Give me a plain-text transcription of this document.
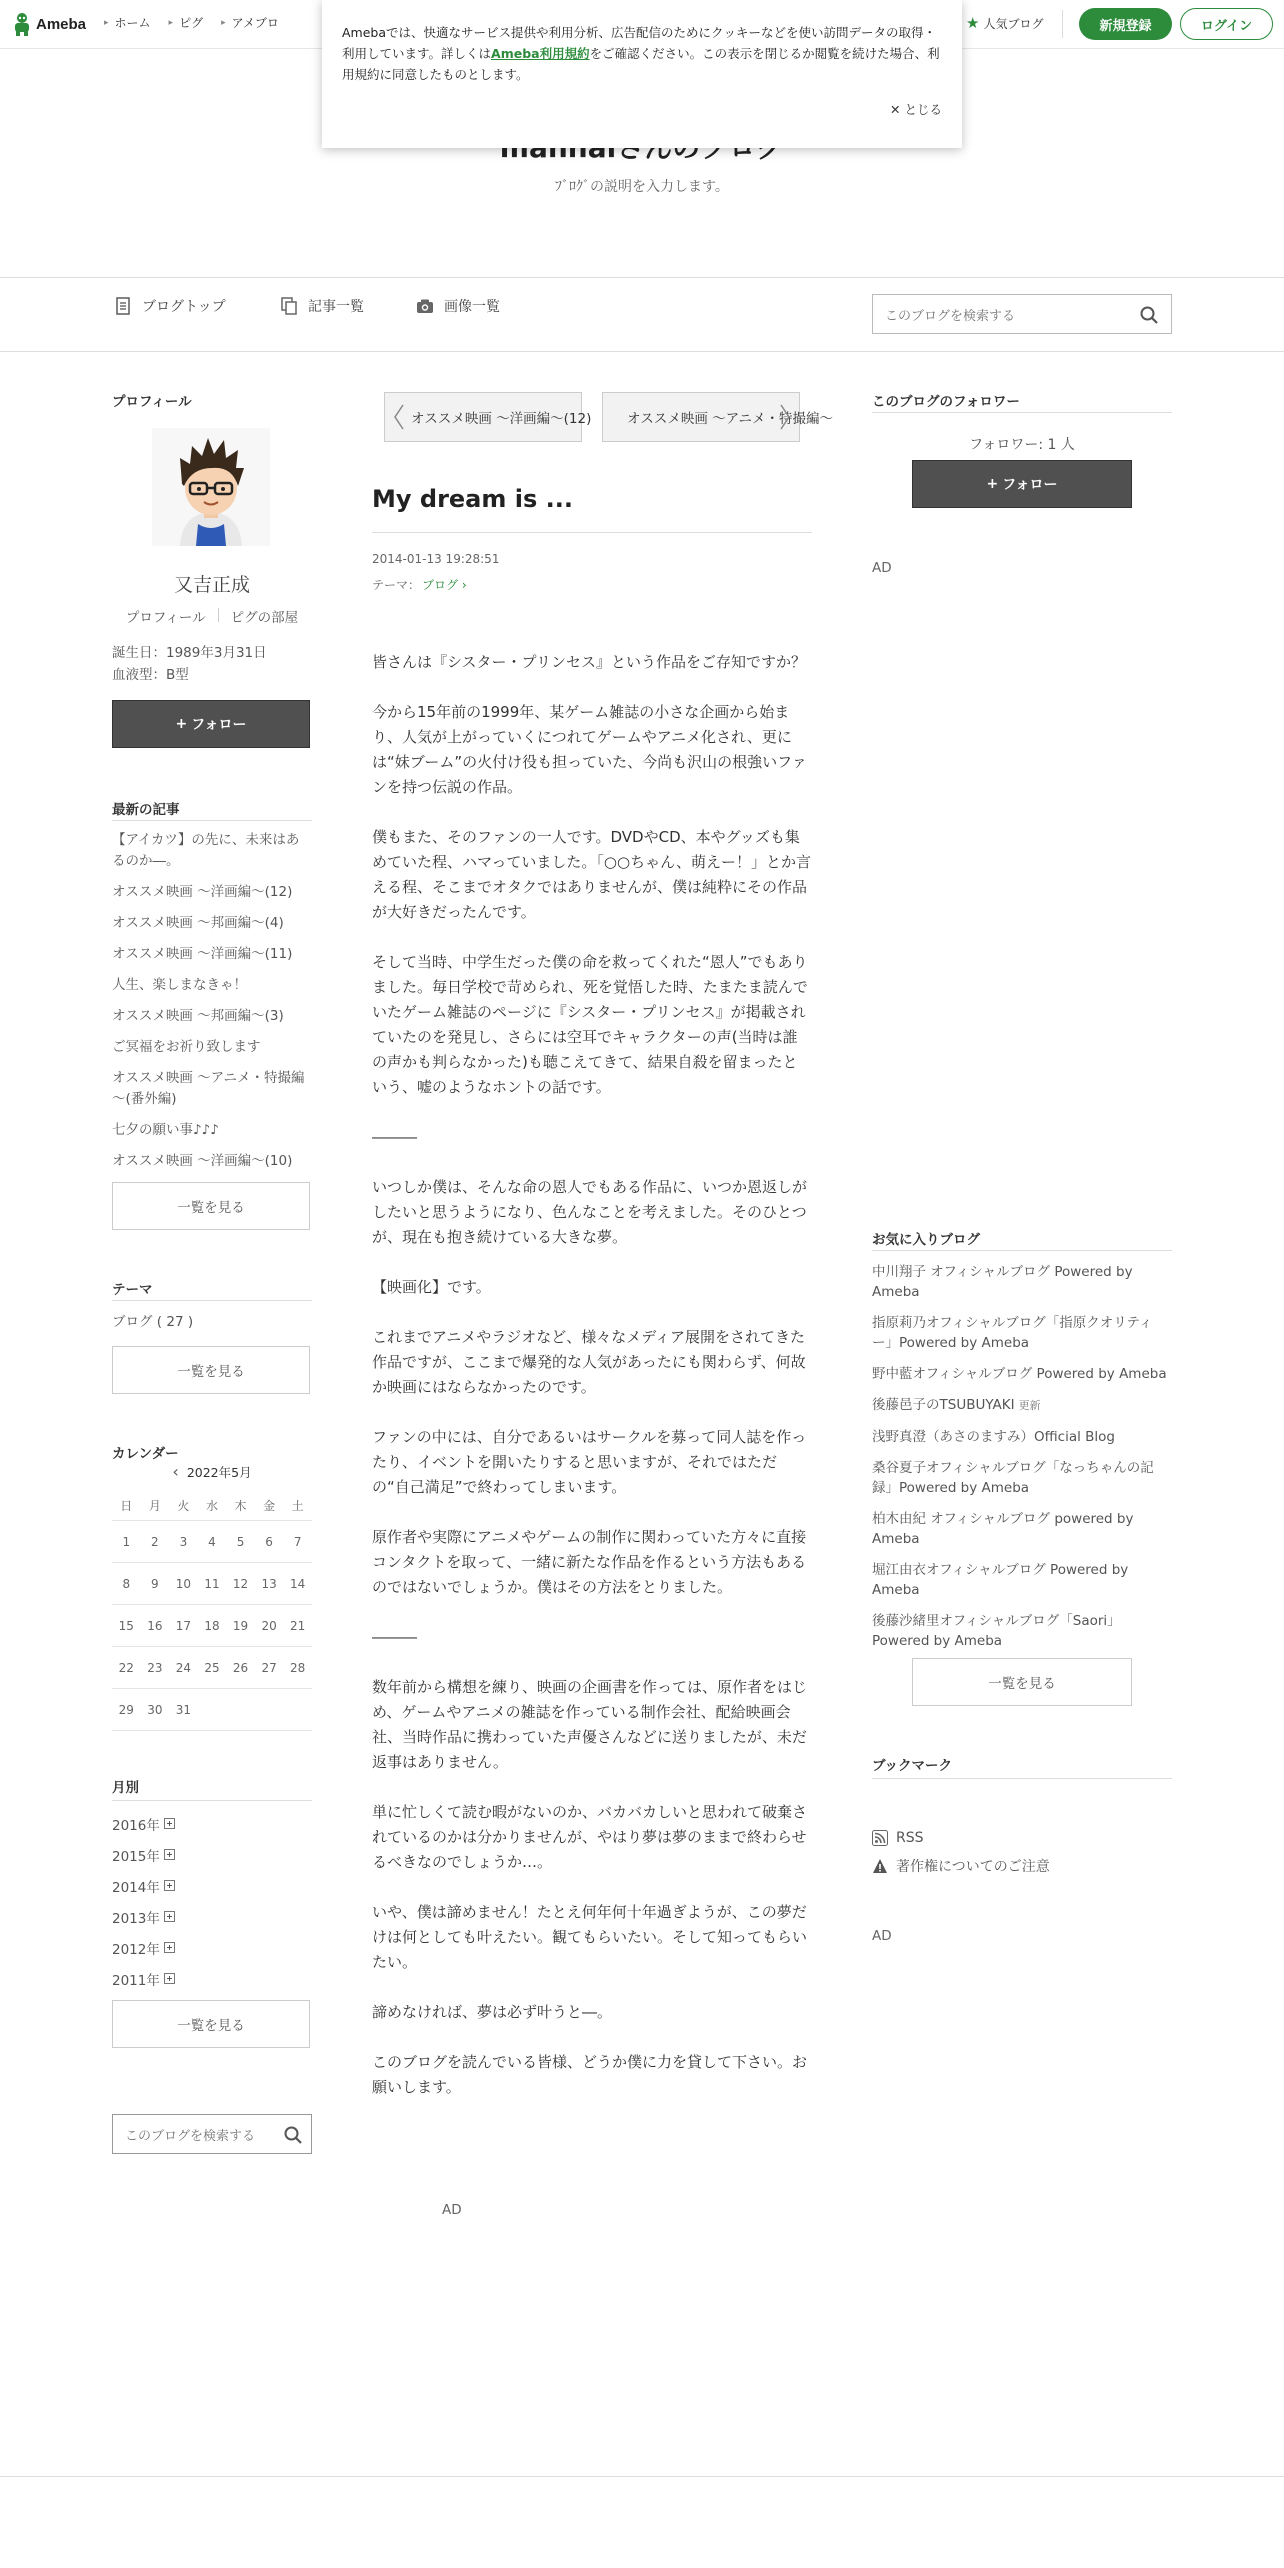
Ameba ▸ ホーム ▸ ピグ ▸ アメブロ	★ 人気ブログ	新規登録	ログイン
Amebaでは、快適なサービス提供や利用分析、広告配信のためにクッキーなどを使い訪問データの取得・利用しています。詳しくはAmeba利用規約をご確認ください。この表示を閉じるか閲覧を続けた場合、利用規約に同意したものとします。
✕ とじる
ﾌﾞﾛｸﾞの説明を入力します。
ブログトップ	記事一覧	画像一覧
このブログを検索する
プロフィール
又吉正成
プロフィール ピグの部屋
誕生日：1989年3月31日
血液型：B型
+ フォロー
最新の記事
【アイカツ】の先に、未来はあるのか―。
オススメ映画 ～洋画編～(12)
オススメ映画 ～邦画編～(4)
オススメ映画 ～洋画編～(11)
人生、楽しまなきゃ！
オススメ映画 ～邦画編～(3)
ご冥福をお祈り致します
オススメ映画 ～アニメ・特撮編～(番外編)
七夕の願い事♪♪♪
オススメ映画 ～洋画編～(10)
一覧を見る
テーマ
ブログ ( 27 )
一覧を見る
カレンダー
‹ 2022年5月
日	月	火	水	木	金	土
1	2	3	4	5	6	7
8	9	10	11	12	13	14
15	16	17	18	19	20	21
22	23	24	25	26	27	28
29	30	31				
月別
2016年
2015年
2014年
2013年
2012年
2011年
一覧を見る
このブログを検索する
オススメ映画 ～洋画編～(12)	オススメ映画 ～アニメ・特撮編～
My dream is ...
2014-01-13 19:28:51
テーマ： ブログ ›

皆さんは『シスター・プリンセス』という作品をご存知ですか？

今から15年前の1999年、某ゲーム雑誌の小さな企画から始まり、人気が上がっていくにつれてゲームやアニメ化され、更には“妹ブーム”の火付け役も担っていた、今尚も沢山の根強いファンを持つ伝説の作品。

僕もまた、そのファンの一人です。DVDやCD、本やグッズも集めていた程、ハマっていました。「○○ちゃん、萌えー！」とか言える程、そこまでオタクではありませんが、僕は純粋にその作品が大好きだったんです。

そして当時、中学生だった僕の命を救ってくれた“恩人”でもありました。毎日学校で苛められ、死を覚悟した時、たまたま読んでいたゲーム雑誌のページに『シスター・プリンセス』が掲載されていたのを発見し、さらには空耳でキャラクターの声(当時は誰の声かも判らなかった)も聴こえてきて、結果自殺を留まったという、嘘のようなホントの話です。

―――

いつしか僕は、そんな命の恩人でもある作品に、いつか恩返しがしたいと思うようになり、色んなことを考えました。そのひとつが、現在も抱き続けている大きな夢。

【映画化】です。

これまでアニメやラジオなど、様々なメディア展開をされてきた作品ですが、ここまで爆発的な人気があったにも関わらず、何故か映画にはならなかったのです。

ファンの中には、自分であるいはサークルを募って同人誌を作ったり、イベントを開いたりすると思いますが、それではただの“自己満足”で終わってしまいます。

原作者や実際にアニメやゲームの制作に関わっていた方々に直接コンタクトを取って、一緒に新たな作品を作るという方法もあるのではないでしょうか。僕はその方法をとりました。

―――

数年前から構想を練り、映画の企画書を作っては、原作者をはじめ、ゲームやアニメの雑誌を作っている制作会社、配給映画会社、当時作品に携わっていた声優さんなどに送りましたが、未だ返事はありません。

単に忙しくて読む暇がないのか、バカバカしいと思われて破棄されているのかは分かりませんが、やはり夢は夢のままで終わらせるべきなのでしょうか…。

いや、僕は諦めません！たとえ何年何十年過ぎようが、この夢だけは何としても叶えたい。観てもらいたい。そして知ってもらいたい。

諦めなければ、夢は必ず叶うと―。

このブログを読んでいる皆様、どうか僕に力を貸して下さい。お願いします。

AD
このブログのフォロワー
フォロワー: 1 人
+ フォロー
AD
お気に入りブログ
中川翔子 オフィシャルブログ Powered by Ameba
指原莉乃オフィシャルブログ「指原クオリティー」Powered by Ameba
野中藍オフィシャルブログ Powered by Ameba
後藤邑子のTSUBUYAKI 更新
浅野真澄（あさのますみ）Official Blog
桑谷夏子オフィシャルブログ「なっちゃんの記録」Powered by Ameba
柏木由紀 オフィシャルブログ powered by Ameba
堀江由衣オフィシャルブログ Powered by Ameba
後藤沙緒里オフィシャルブログ「Saori」Powered by Ameba
一覧を見る
ブックマーク
RSS
著作権についてのご注意
AD
